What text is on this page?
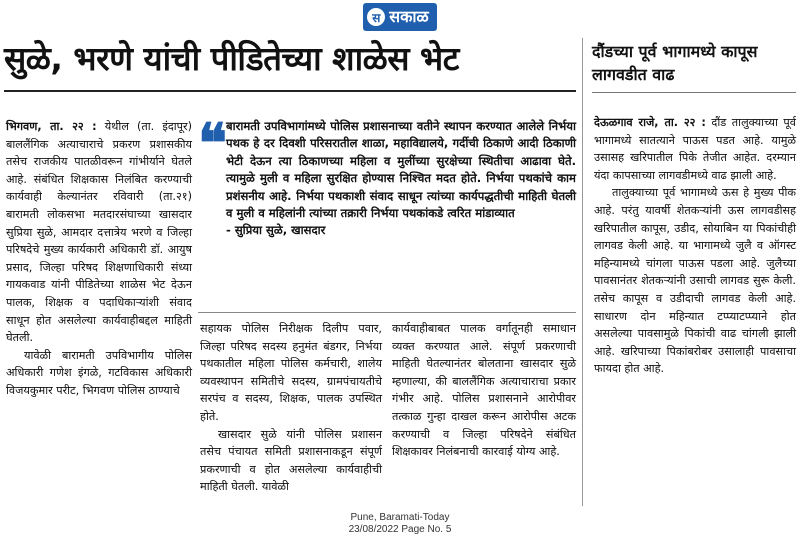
स सकाळ
सुळे, भरणे यांची पीडितेच्या शाळेस भेट

भिगवण, ता. २२ : येथील (ता. इंदापूर) बाललैंगिक अत्याचाराचे प्रकरण प्रशासकीय तसेच राजकीय पातळीवरून गांभीर्याने घेतले आहे. संबंधित शिक्षकास निलंबित करण्याची कार्यवाही केल्यानंतर रविवारी (ता.२१) बारामती लोकसभा मतदारसंघाच्या खासदार सुप्रिया सुळे, आमदार दत्तात्रेय भरणे व जिल्हा परिषदेचे मुख्य कार्यकारी अधिकारी डॉ. आयुष प्रसाद, जिल्हा परिषद शिक्षणाधिकारी संध्या गायकवाड यांनी पीडितेच्या शाळेस भेट देऊन पालक, शिक्षक व पदाधिकाऱ्यांशी संवाद साधून होत असलेल्या कार्यवाहीबद्दल माहिती घेतली.

यावेळी बारामती उपविभागीय पोलिस अधिकारी गणेश इंगळे, गटविकास अधिकारी विजयकुमार परीट, भिगवण पोलिस ठाण्याचे

❝
बारामती उपविभागांमध्ये पोलिस प्रशासनाच्या वतीने स्थापन करण्यात आलेले निर्भया पथक हे दर दिवशी परिसरातील शाळा, महाविद्यालये, गर्दीची ठिकाणे आदी ठिकाणी भेटी देऊन त्या ठिकाणच्या महिला व मुलींच्या सुरक्षेच्या स्थितीचा आढावा घेते. त्यामुळे मुली व महिला सुरक्षित होण्यास निश्चित मदत होते. निर्भया पथकांचे काम प्रशंसनीय आहे. निर्भया पथकाशी संवाद साधून त्यांच्या कार्यपद्धतीची माहिती घेतली व मुली व महिलांनी त्यांच्या तक्रारी निर्भया पथकांकडे त्वरित मांडाव्यात
- सुप्रिया सुळे, खासदार

सहायक पोलिस निरीक्षक दिलीप पवार, जिल्हा परिषद सदस्य हनुमंत बंडगर, निर्भया पथकातील महिला पोलिस कर्मचारी, शालेय व्यवस्थापन समितीचे सदस्य, ग्रामपंचायतीचे सरपंच व सदस्य, शिक्षक, पालक उपस्थित होते.

खासदार सुळे यांनी पोलिस प्रशासन तसेच पंचायत समिती प्रशासनाकडून संपूर्ण प्रकरणाची व होत असलेल्या कार्यवाहीची माहिती घेतली. यावेळी

कार्यवाहीबाबत पालक वर्गातूनही समाधान व्यक्त करण्यात आले. संपूर्ण प्रकरणाची माहिती घेतल्यानंतर बोलताना खासदार सुळे म्हणाल्या, की बाललैंगिक अत्याचाराचा प्रकार गंभीर आहे. पोलिस प्रशासनाने आरोपीवर तत्काळ गुन्हा दाखल करून आरोपीस अटक करण्याची व जिल्हा परिषदेने संबंधित शिक्षकावर निलंबनाची कारवाई योग्य आहे.

दौंडच्या पूर्व भागामध्ये कापूस लागवडीत वाढ

देऊळगाव राजे, ता. २२ : दौंड तालुक्याच्या पूर्व भागामध्ये सातत्याने पाऊस पडत आहे. यामुळे उसासह खरिपातील पिके तेजीत आहेत. दरम्यान यंदा कापसाच्या लागवडीमध्ये वाढ झाली आहे.

तालुक्याच्या पूर्व भागामध्ये ऊस हे मुख्य पीक आहे. परंतु यावर्षी शेतकऱ्यांनी ऊस लागवडीसह खरिपातील कापूस, उडीद, सोयाबिन या पिकांचीही लागवड केली आहे. या भागामध्ये जुलै व ऑगस्ट महिन्यामध्ये चांगला पाऊस पडला आहे. जुलैच्या पावसानंतर शेतकऱ्यांनी उसाची लागवड सुरू केली. तसेच कापूस व उडीदाची लागवड केली आहे. साधारण दोन महिन्यात टप्प्याटप्प्याने होत असलेल्या पावसामुळे पिकांची वाढ चांगली झाली आहे. खरिपाच्या पिकांबरोबर उसालाही पावसाचा फायदा होत आहे.

Pune, Baramati-Today
23/08/2022 Page No. 5
